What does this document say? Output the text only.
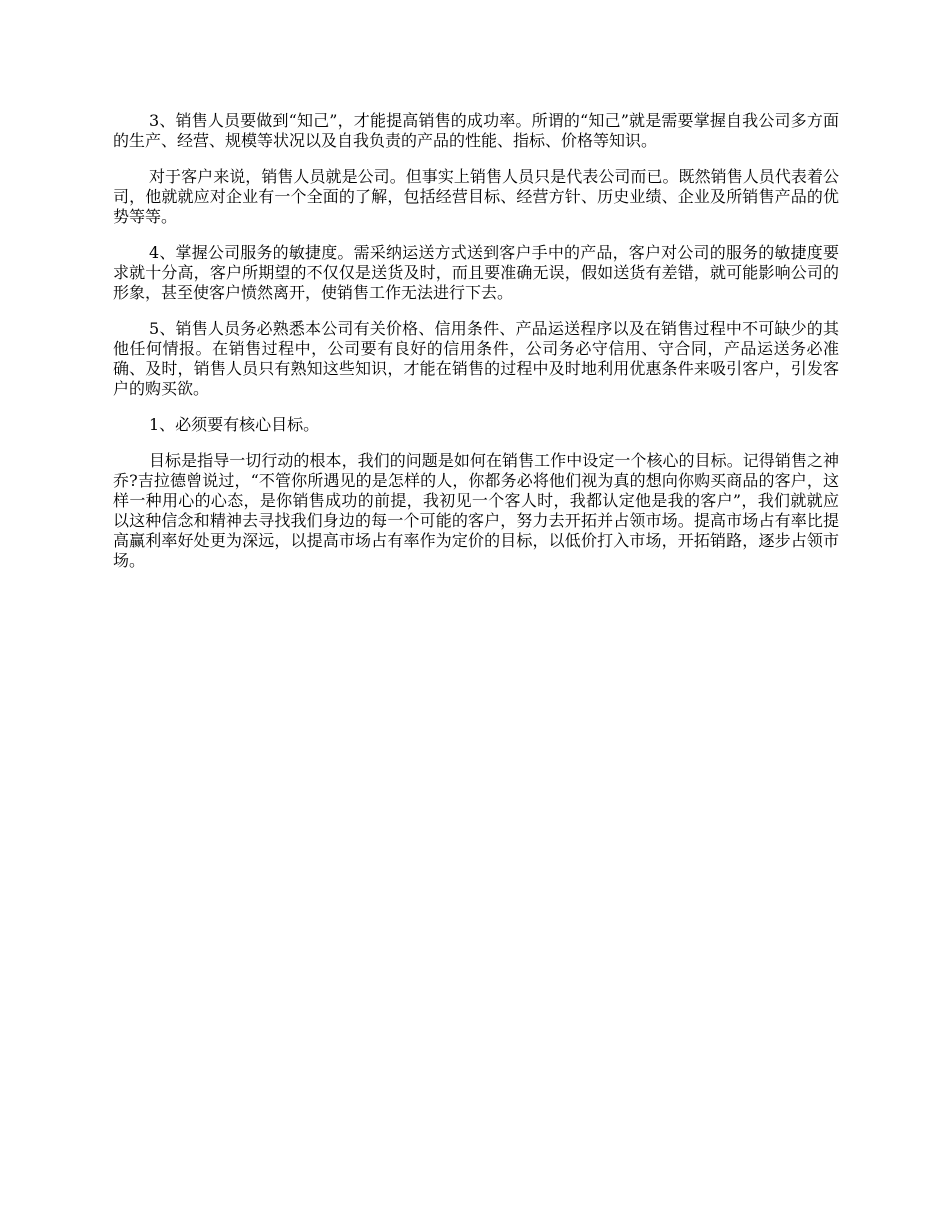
3、销售人员要做到“知己”，才能提高销售的成功率。所谓的“知己”就是需要掌握自我公司多方面的生产、经营、规模等状况以及自我负责的产品的性能、指标、价格等知识。

对于客户来说，销售人员就是公司。但事实上销售人员只是代表公司而已。既然销售人员代表着公司，他就就应对企业有一个全面的了解，包括经营目标、经营方针、历史业绩、企业及所销售产品的优势等等。

4、掌握公司服务的敏捷度。需采纳运送方式送到客户手中的产品，客户对公司的服务的敏捷度要求就十分高，客户所期望的不仅仅是送货及时，而且要准确无误，假如送货有差错，就可能影响公司的形象，甚至使客户愤然离开，使销售工作无法进行下去。

5、销售人员务必熟悉本公司有关价格、信用条件、产品运送程序以及在销售过程中不可缺少的其他任何情报。在销售过程中，公司要有良好的信用条件，公司务必守信用、守合同，产品运送务必准确、及时，销售人员只有熟知这些知识，才能在销售的过程中及时地利用优惠条件来吸引客户，引发客户的购买欲。

1、必须要有核心目标。

目标是指导一切行动的根本，我们的问题是如何在销售工作中设定一个核心的目标。记得销售之神乔?吉拉德曾说过，“不管你所遇见的是怎样的人，你都务必将他们视为真的想向你购买商品的客户，这样一种用心的心态，是你销售成功的前提，我初见一个客人时，我都认定他是我的客户”，我们就就应以这种信念和精神去寻找我们身边的每一个可能的客户，努力去开拓并占领市场。提高市场占有率比提高赢利率好处更为深远，以提高市场占有率作为定价的目标，以低价打入市场，开拓销路，逐步占领市场。
